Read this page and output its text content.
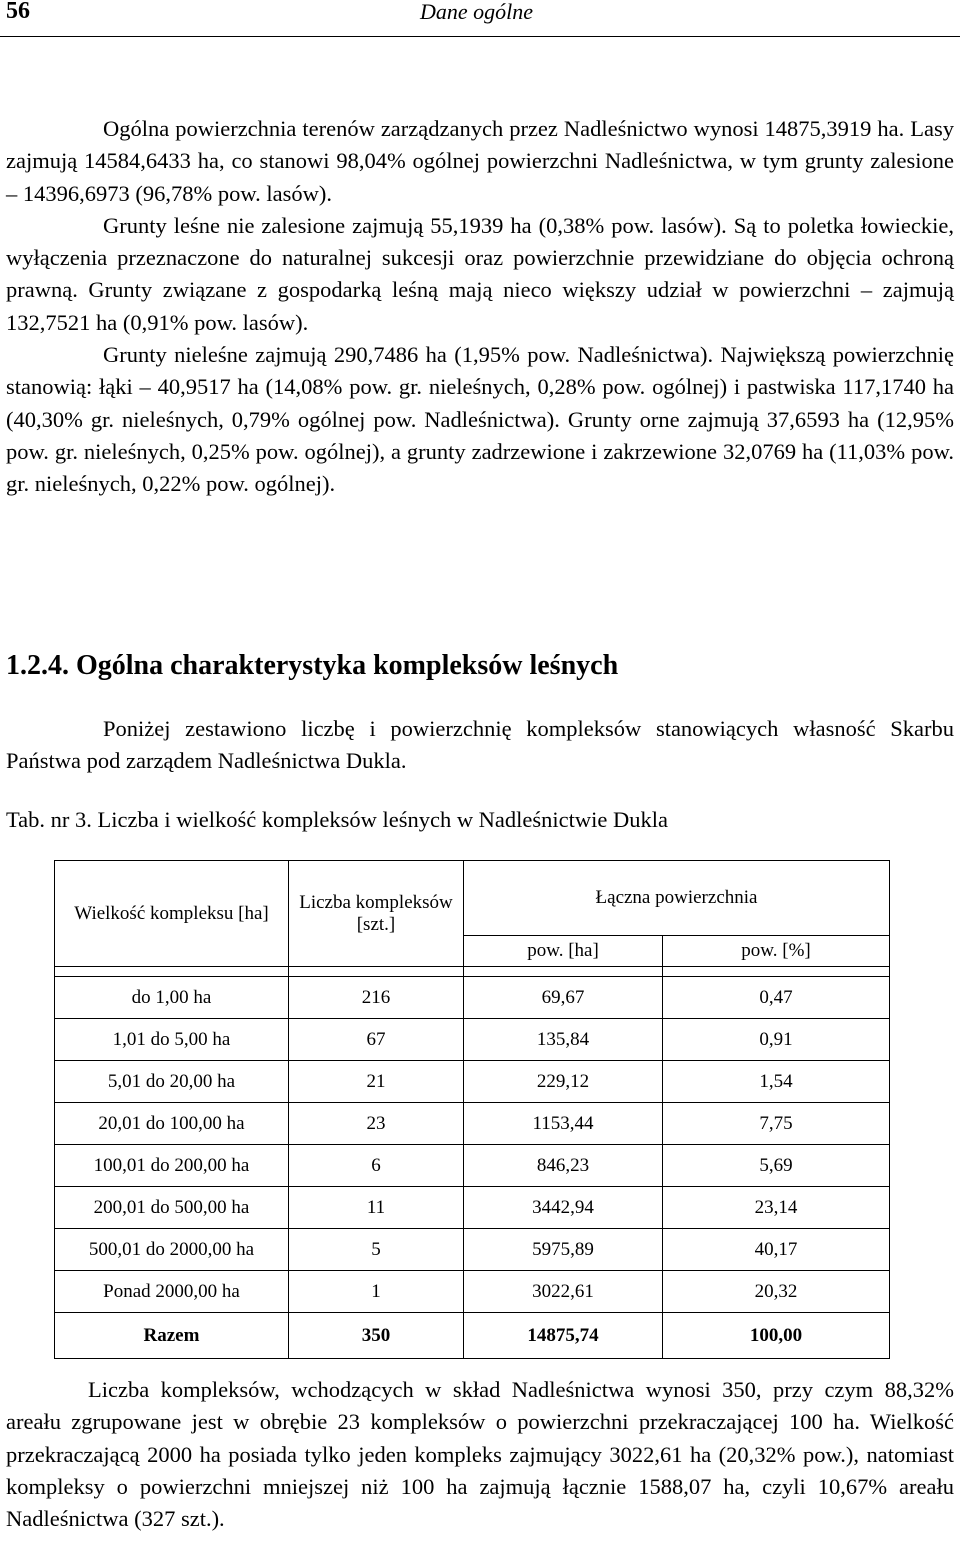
56	Dane ogólne

Ogólna powierzchnia terenów zarządzanych przez Nadleśnictwo wynosi 14875,3919 ha. Lasy zajmują 14584,6433 ha, co stanowi 98,04% ogólnej powierzchni Nadleśnictwa, w tym grunty zalesione – 14396,6973 (96,78% pow. lasów).

Grunty leśne nie zalesione zajmują 55,1939 ha (0,38% pow. lasów). Są to poletka łowieckie, wyłączenia przeznaczone do naturalnej sukcesji oraz powierzchnie przewidziane do objęcia ochroną prawną. Grunty związane z gospodarką leśną mają nieco większy udział w powierzchni – zajmują 132,7521 ha (0,91% pow. lasów).

Grunty nieleśne zajmują 290,7486 ha (1,95% pow. Nadleśnictwa). Największą powierzchnię stanowią: łąki – 40,9517 ha (14,08% pow. gr. nieleśnych, 0,28% pow. ogólnej) i pastwiska 117,1740 ha (40,30% gr. nieleśnych, 0,79% ogólnej pow. Nadleśnictwa). Grunty orne zajmują 37,6593 ha (12,95% pow. gr. nieleśnych, 0,25% pow. ogólnej), a grunty zadrzewione i zakrzewione 32,0769 ha (11,03% pow. gr. nieleśnych, 0,22% pow. ogólnej).

1.2.4. Ogólna charakterystyka kompleksów leśnych

Poniżej zestawiono liczbę i powierzchnię kompleksów stanowiących własność Skarbu Państwa pod zarządem Nadleśnictwa Dukla.

Tab. nr 3. Liczba i wielkość kompleksów leśnych w Nadleśnictwie Dukla
Wielkość kompleksu [ha]	Liczba kompleksów [szt.]	Łączna powierzchnia	
		pow. [ha]	pow. [%]

do 1,00 ha	216	69,67	0,47
1,01 do 5,00 ha	67	135,84	0,91
5,01 do 20,00 ha	21	229,12	1,54
20,01 do 100,00 ha	23	1153,44	7,75
100,01 do 200,00 ha	6	846,23	5,69
200,01 do 500,00 ha	11	3442,94	23,14
500,01 do 2000,00 ha	5	5975,89	40,17
Ponad 2000,00 ha	1	3022,61	20,32
Razem	350	14875,74	100,00

Liczba kompleksów, wchodzących w skład Nadleśnictwa wynosi 350, przy czym 88,32% areału zgrupowane jest w obrębie 23 kompleksów o powierzchni przekraczającej 100 ha. Wielkość przekraczającą 2000 ha posiada tylko jeden kompleks zajmujący 3022,61 ha (20,32% pow.), natomiast kompleksy o powierzchni mniejszej niż 100 ha zajmują łącznie 1588,07 ha, czyli 10,67% areału Nadleśnictwa (327 szt.).
